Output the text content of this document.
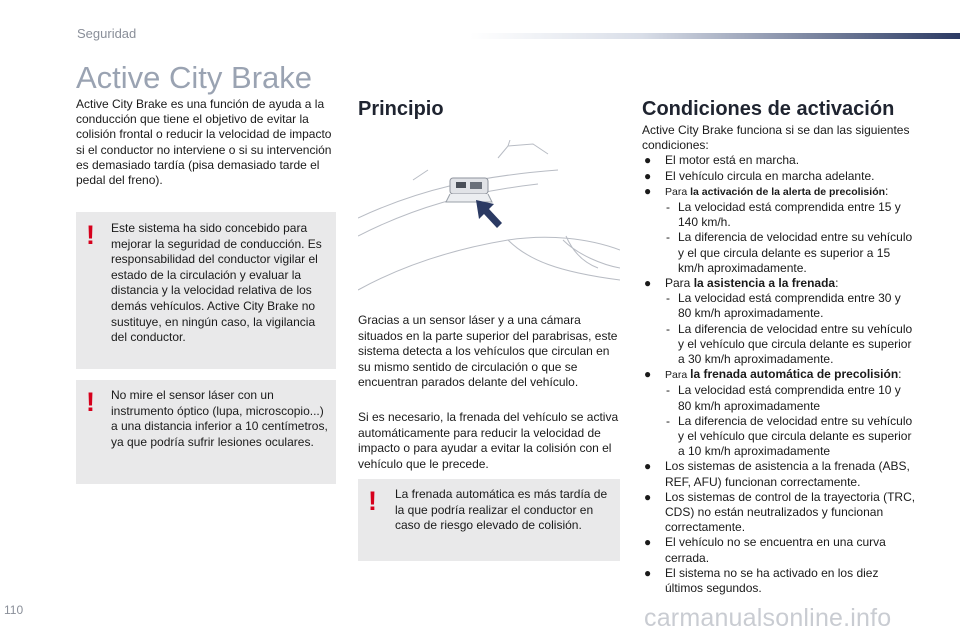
Seguridad
Active City Brake

Active City Brake es una función de ayuda a la conducción que tiene el objetivo de evitar la colisión frontal o reducir la velocidad de impacto si el conductor no interviene o si su intervención es demasiado tardía (pisa demasiado tarde el pedal del freno).

! Este sistema ha sido concebido para mejorar la seguridad de conducción. Es responsabilidad del conductor vigilar el estado de la circulación y evaluar la distancia y la velocidad relativa de los demás vehículos. Active City Brake no sustituye, en ningún caso, la vigilancia del conductor.

! No mire el sensor láser con un instrumento óptico (lupa, microscopio...) a una distancia inferior a 10 centímetros, ya que podría sufrir lesiones oculares.

Principio

Gracias a un sensor láser y a una cámara situados en la parte superior del parabrisas, este sistema detecta a los vehículos que circulan en su mismo sentido de circulación o que se encuentran parados delante del vehículo.

Si es necesario, la frenada del vehículo se activa automáticamente para reducir la velocidad de impacto o para ayudar a evitar la colisión con el vehículo que le precede.

! La frenada automática es más tardía de la que podría realizar el conductor en caso de riesgo elevado de colisión.

Condiciones de activación

Active City Brake funciona si se dan las siguientes condiciones:

● El motor está en marcha.
● El vehículo circula en marcha adelante.
● Para la activación de la alerta de precolisión:
- La velocidad está comprendida entre 15 y 140 km/h.
- La diferencia de velocidad entre su vehículo y el que circula delante es superior a 15 km/h aproximadamente.
● Para la asistencia a la frenada:
- La velocidad está comprendida entre 30 y 80 km/h aproximadamente.
- La diferencia de velocidad entre su vehículo y el vehículo que circula delante es superior a 30 km/h aproximadamente.
● Para la frenada automática de precolisión:
- La velocidad está comprendida entre 10 y 80 km/h aproximadamente
- La diferencia de velocidad entre su vehículo y el vehículo que circula delante es superior a 10 km/h aproximadamente
● Los sistemas de asistencia a la frenada (ABS, REF, AFU) funcionan correctamente.
● Los sistemas de control de la trayectoria (TRC, CDS) no están neutralizados y funcionan correctamente.
● El vehículo no se encuentra en una curva cerrada.
● El sistema no se ha activado en los diez últimos segundos.
110	carmanualsonline.info
